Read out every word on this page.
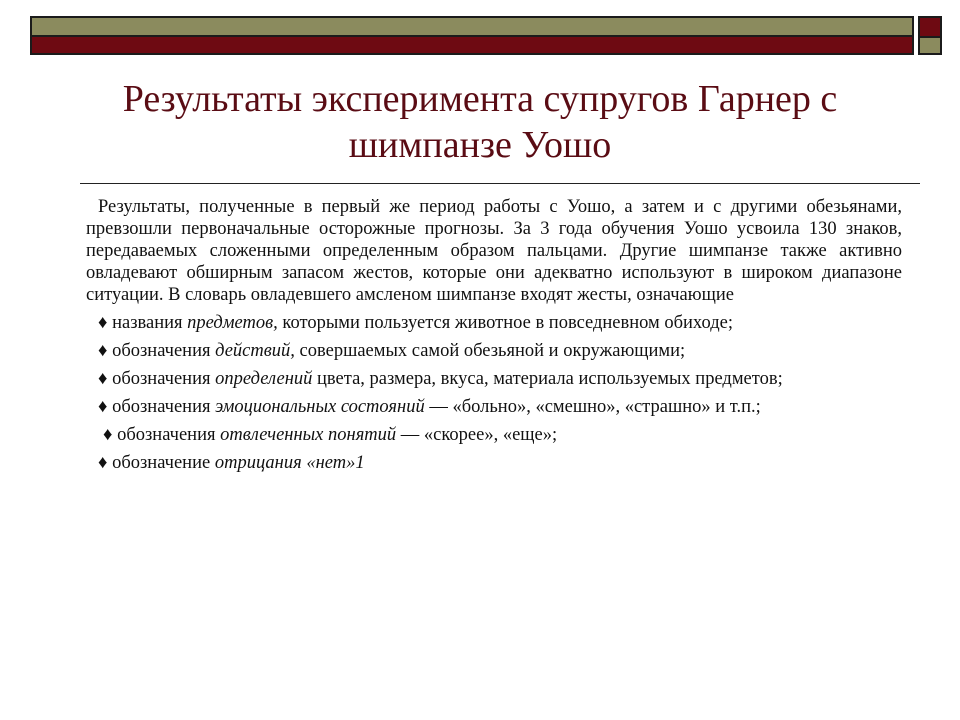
Результаты эксперимента супругов Гарнер с
шимпанзе Уошо

Результаты, полученные в первый же период работы с Уошо, а затем и с другими обезьянами, превзошли первоначальные осторожные прогнозы. За 3 года обучения Уошо усвоила 130 знаков, передаваемых сложенными определенным образом пальцами. Другие шимпанзе также активно овладевают обширным запасом жестов, которые они адекватно используют в широком диапазоне ситуации. В словарь овладевшего амсленом шимпанзе входят жесты, означающие

♦ названия предметов, которыми пользуется животное в повседневном обиходе;

♦ обозначения действий, совершаемых самой обезьяной и окружающими;

♦ обозначения определений цвета, размера, вкуса, материала используемых предметов;

♦ обозначения эмоциональных состояний — «больно», «смешно», «страшно» и т.п.;

♦ обозначения отвлеченных понятий — «скорее», «еще»;

♦ обозначение отрицания «нет»1
